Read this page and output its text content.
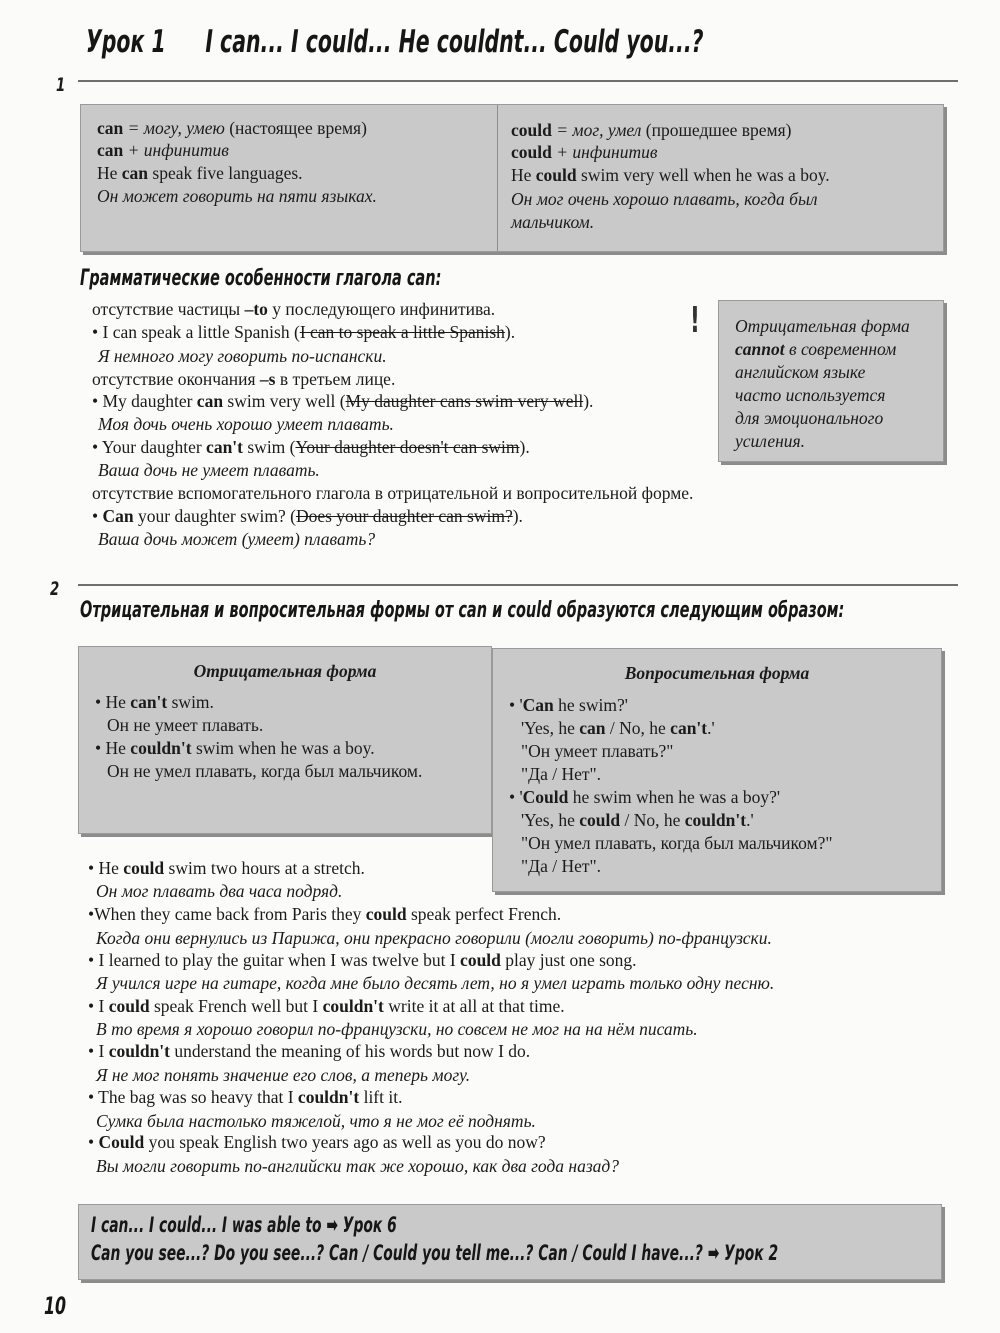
Урок 1 I can... I could... He couldnt... Could you...?
1
can = могу, умею (настоящее время)
can + инфинитив
He can speak five languages.
Он может говорить на пяти языках.
could = мог, умел (прошедшее время)
could + инфинитив
He could swim very well when he was a boy.
Он мог очень хорошо плавать, когда был
мальчиком.
Грамматические особенности глагола can:
отсутствие частицы –to у последующего инфинитива.
• I can speak a little Spanish (I can to speak a little Spanish).
Я немного могу говорить по-испански.
отсутствие окончания –s в третьем лице.
• My daughter can swim very well (My daughter cans swim very well).
Моя дочь очень хорошо умеет плавать.
• Your daughter can't swim (Your daughter doesn't can swim).
Ваша дочь не умеет плавать.
отсутствие вспомогательного глагола в отрицательной и вопросительной форме.
• Can your daughter swim? (Does your daughter can swim?).
Ваша дочь может (умеет) плавать?
! Отрицательная форма
cannot в современном
английском языке
часто используется
для эмоционального
усиления.
2
Отрицательная и вопросительная формы от can и could образуются следующим образом:
Отрицательная форма
• He can't swim.
Он не умеет плавать.
• He couldn't swim when he was a boy.
Он не умел плавать, когда был мальчиком.
Вопросительная форма
• 'Can he swim?'
'Yes, he can / No, he can't.'
"Он умеет плавать?"
"Да / Нет".
• 'Could he swim when he was a boy?'
'Yes, he could / No, he couldn't.'
"Он умел плавать, когда был мальчиком?"
"Да / Нет".
• He could swim two hours at a stretch.
Он мог плавать два часа подряд.
•When they came back from Paris they could speak perfect French.
Когда они вернулись из Парижа, они прекрасно говорили (могли говорить) по-французски.
• I learned to play the guitar when I was twelve but I could play just one song.
Я учился игре на гитаре, когда мне было десять лет, но я умел играть только одну песню.
• I could speak French well but I couldn't write it at all at that time.
В то время я хорошо говорил по-французски, но совсем не мог на на нём писать.
• I couldn't understand the meaning of his words but now I do.
Я не мог понять значение его слов, а теперь могу.
• The bag was so heavy that I couldn't lift it.
Сумка была настолько тяжелой, что я не мог её поднять.
• Could you speak English two years ago as well as you do now?
Вы могли говорить по-английски так же хорошо, как два года назад?
I can... I could... I was able to ➡ Урок 6
Can you see...? Do you see...? Can / Could you tell me...? Can / Could I have...? ➡ Урок 2
10
